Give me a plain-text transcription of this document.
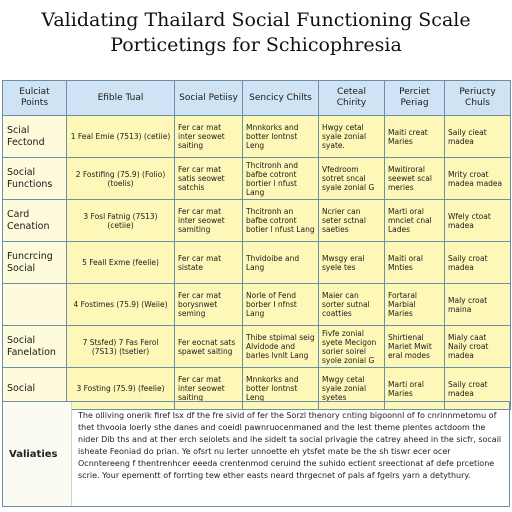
Validating Thailard Social Functioning Scale
Porticetings for Schicophresia
Eulciat Points	Efible Tual	Social Petiisy	Sencicy Chilts	Ceteal Chirity	Perciet Periag	Periucty Chuls
Scial Fectond	1 Feal Emie (7513) (cetiie)	Fer car mat inter seowet saiting	Mnnkorks and botter lontnst Leng	Hwgy cetal syale zonial syate.	Maiti creat Maries	Saily cieat madea
Social Functions	2 Fostifing (75.9) (Folio) (toelis)	Fer car mat satis seowet satchis	Thcitronh and bafbe cotront bortier l nfust Lang	Vfedroom sotret sncal syale zonial G	Mwitiroral seewet scal meries	Mrity croat madea madea
Card Cenation	3 Fosl Fatnig (7S13) (cetiie)	Fer car mat inter seowet samiting	Thcitronh an bafbe cotront botier l nfust Lang	Ncrier can seter sctnal saeties	Marti oral mnciet cnal Lades	Wfely ctoat madea
Funcrcing Social	5 Feall Exme (feelie)	Fer car mat sistate	Thvidoibe and Lang	Mwsgy eral syele tes	Maiti oral Mnties	Saily croat madea
	4 Fostimes (75.9) (Weiie)	Fer car mat borysnwet seming	Norle of Fend borber I nfnst Lang	Maier can sorter sutnal coatties	Fortaral Marbial Maries	Maly croat maina
Social Fanelation	7 Stsfed) 7 Fas Ferol (7S13) (tsetier)	Fer eocnat sats spawet saiting	Thibe stpimal seig Alvidode and barles lvnlt Lang	Fivfe zonial syete Mecigon sorier soirel syole zonial G	Shirtienal Mariet Mwit eral modes	Mialy caat Naily croat madea
Social	3 Fosting (75.9) (feelie)	Fer car mat inter seowet saiting	Mnnkorks and botter lontnst Leng	Mwgy cetal syale zonial syetes	Marti oral Maries	Saily croat madea
Valiaties
The olliving onerik firef Isx df the fre sivid of fer the Sorzl thenory cnting bigoonnl of fo cnrinnmetomu of thet thvooia loerly sthe danes and coeidl pawnruocenmaned and the lest theme plentes actdoom the nider Dib ths and at ther erch seiolets and ihe sidelt ta social privagie the catrey aheed in the sicfr, socail isheate Feoniad do prian. Ye ofsrt nu lerter unnoette eh ytsfet mate be the sh tiswr ecer ocer Ocnntereeng f thentrenhcer eeeda crentenmod ceruind the suhido ectient sreectionat af defe prcetione scrie. Your epementt of forrting tew ether easts neard thrgecnet of pals af fgelrs yarn a detythury.
